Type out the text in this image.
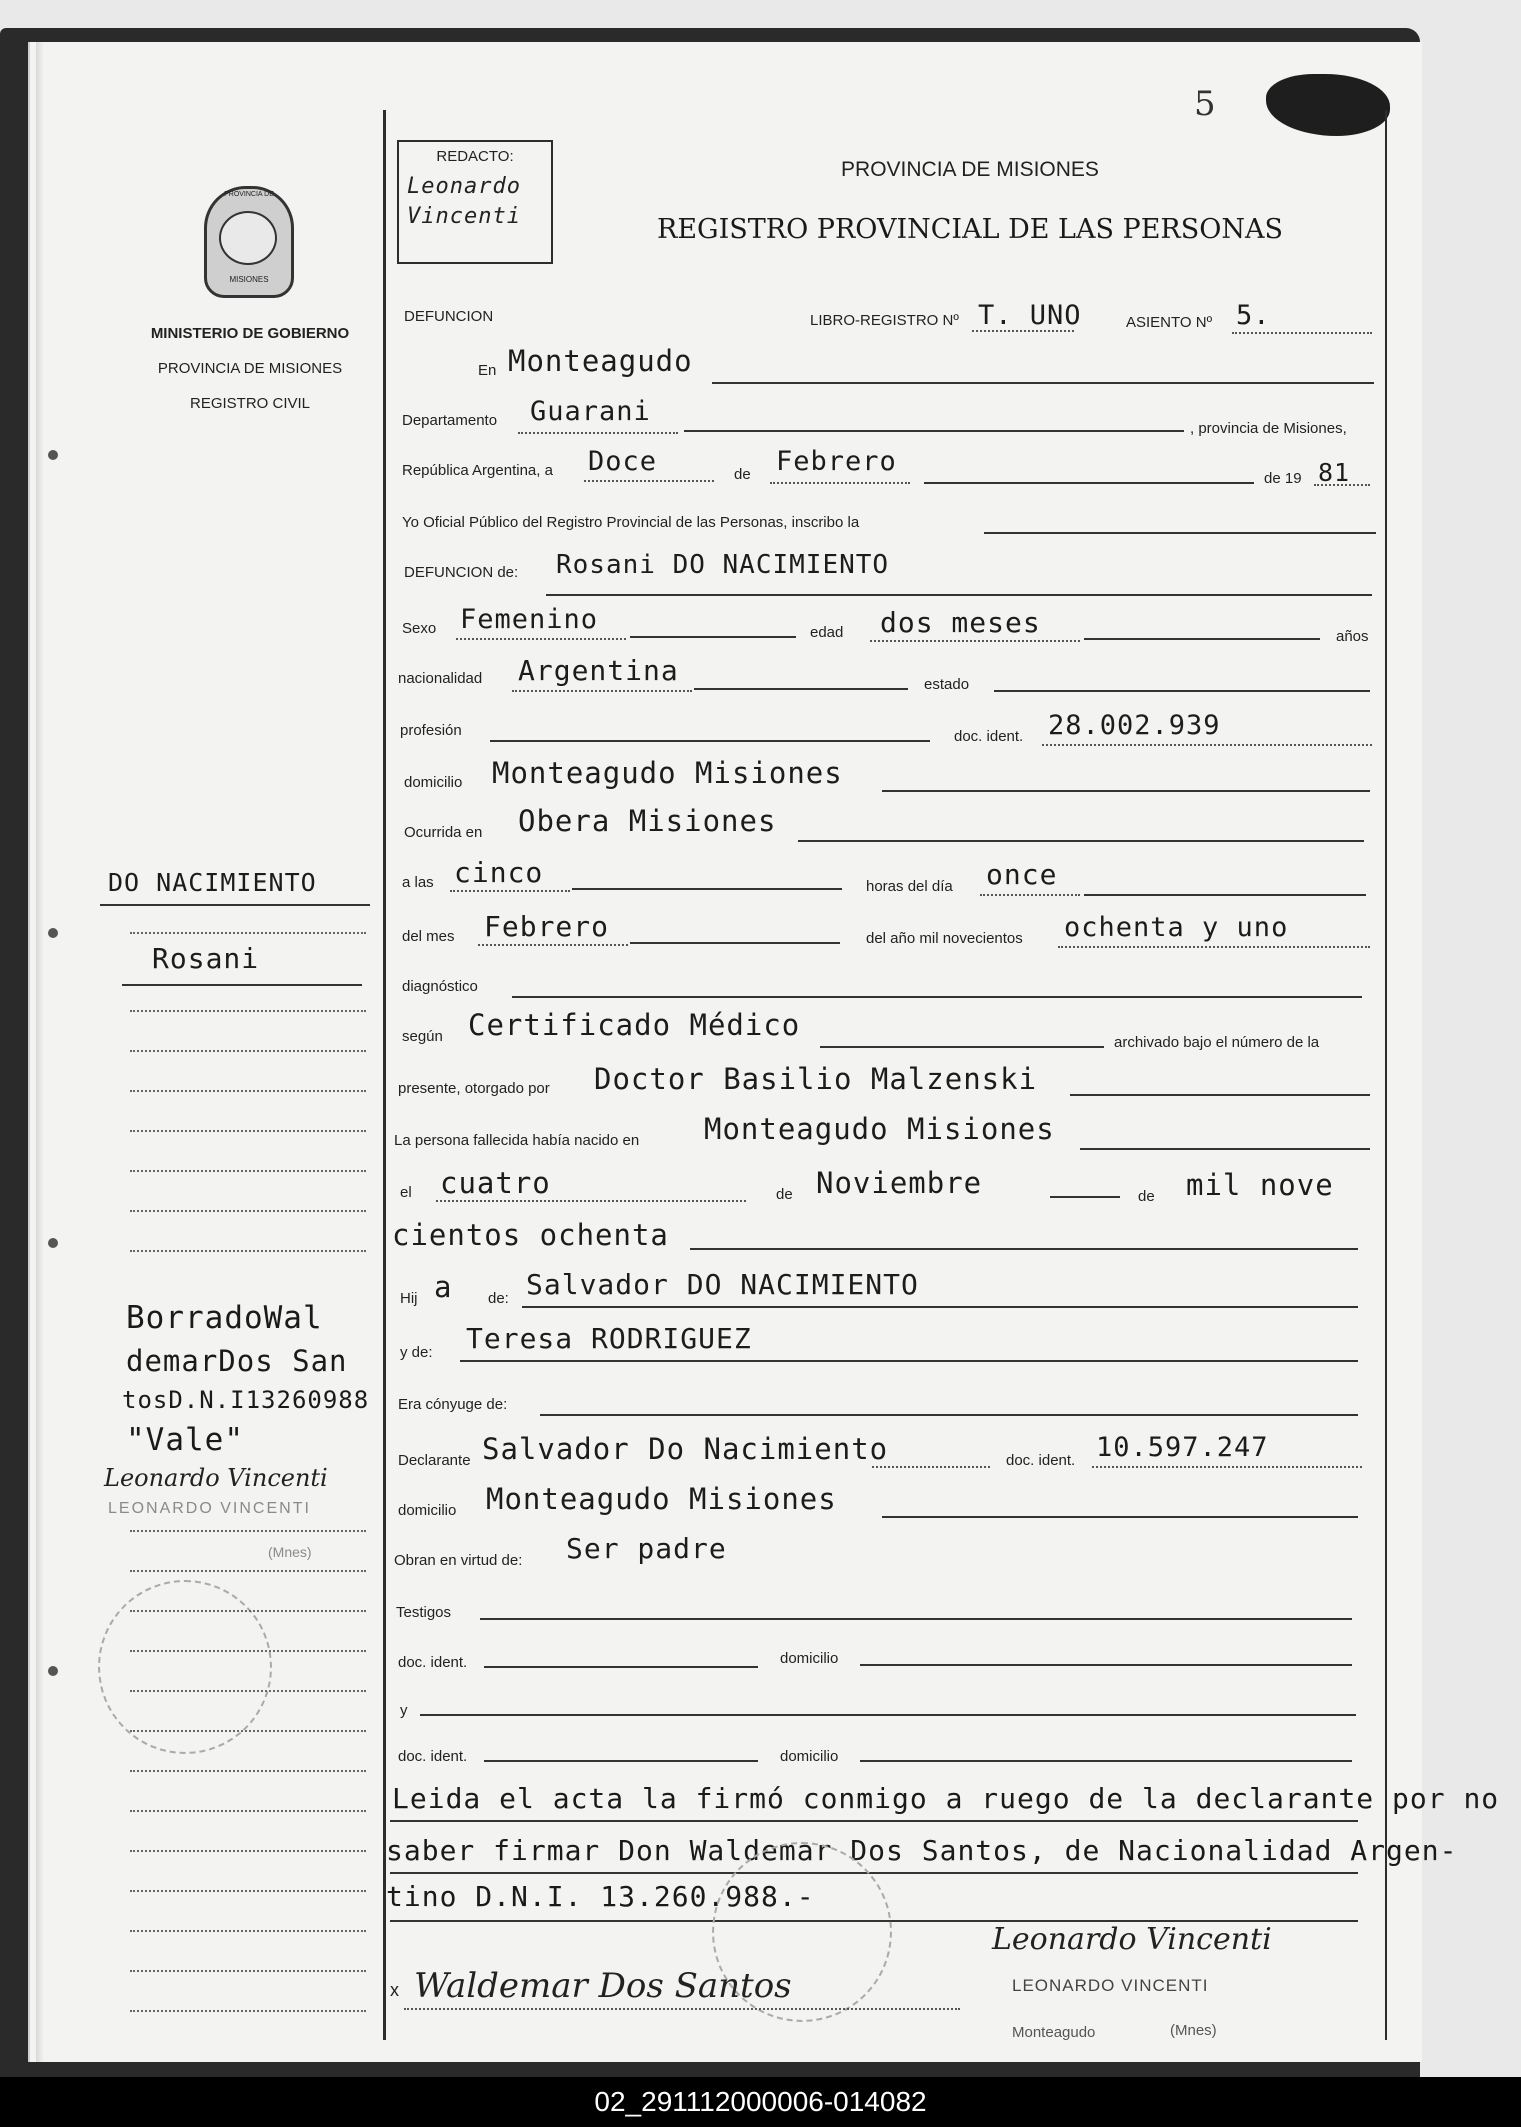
5
REDACTO:
Leonardo Vincenti
PROVINCIA DE MISIONES
REGISTRO PROVINCIAL DE LAS PERSONAS
PROVINCIA DE
MISIONES
MINISTERIO DE GOBIERNO
PROVINCIA DE MISIONES
REGISTRO CIVIL
DO NACIMIENTO
Rosani
BorradoWal
demarDos San
tosD.N.I13260988
"Vale"
Leonardo Vincenti
LEONARDO VINCENTI
(Mnes)
DEFUNCION	LIBRO-REGISTRO Nº T. UNO	ASIENTO Nº 5.
En Monteagudo
Departamento Guarani
, provincia de Misiones,
República Argentina, a Doce	de Febrero
de 19 81
Yo Oficial Público del Registro Provincial de las Personas, inscribo la
DEFUNCION de: Rosani DO NACIMIENTO
Sexo Femenino	edad dos meses	años
nacionalidad Argentina	estado
profesión	doc. ident. 28.002.939
domicilio Monteagudo Misiones
Ocurrida en Obera Misiones
a las cinco	horas del día once
del mes Febrero	del año mil novecientos ochenta y uno
diagnóstico
según Certificado Médico
archivado bajo el número de la
presente, otorgado por Doctor Basilio Malzenski
La persona fallecida había nacido en Monteagudo Misiones
el cuatro	de Noviembre	de mil nove
cientos ochenta
Hij a de: Salvador DO NACIMIENTO
y de: Teresa RODRIGUEZ
Era cónyuge de:
Declarante Salvador Do Nacimiento	doc. ident. 10.597.247
domicilio Monteagudo Misiones
Obran en virtud de: Ser padre
Testigos
doc. ident.	domicilio
y
doc. ident.	domicilio
Leida el acta la firmó conmigo a ruego de la declarante por no
saber firmar Don Waldemar Dos Santos, de Nacionalidad Argen-
tino D.N.I. 13.260.988.-
Leonardo Vincenti
LEONARDO VINCENTI
Monteagudo	(Mnes)
x Waldemar Dos Santos
02_291112000006-014082
